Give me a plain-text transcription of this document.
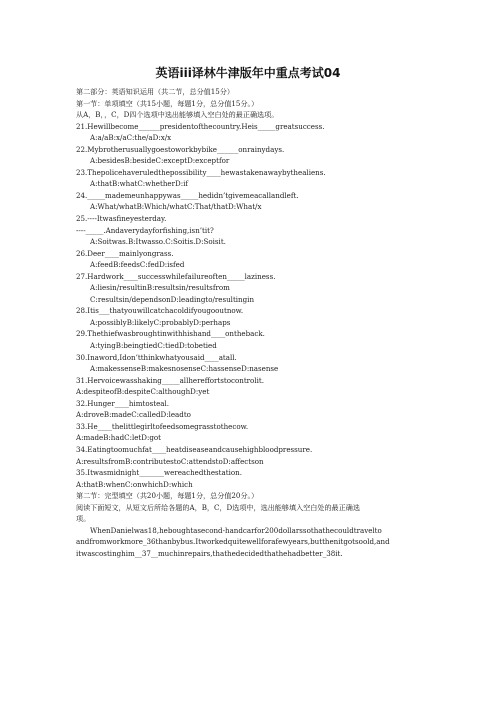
英语iii译林牛津版年中重点考试04
第二部分：英语知识运用（共二节，总分值15分）
第一节：单项填空（共15小题，每题1分，总分值15分。）
从A，B，，C，D四个选项中选出能够填入空白处的最正确选项。
21.Hewillbecome______presidentofthecountry.Heis_____greatsuccess.
A:a/aB:x/aC:the/aD:x/x
22.Mybrotherusuallygoestoworkbybike______onrainydays.
A:besidesB:besideC:exceptD:exceptfor
23.Thepolicehaveruledthepossibility____hewastakenawaybythealiens.
A:thatB:whatC:whetherD:if
24._____mademeunhappywas_____hedidn’tgivemeacallandleft.
A:What/whatB:Which/whatC:That/thatD:What/x
25.----Itwasfineyesterday.
----_____.Andaverydayforfishing,isn’tit?
A:Soitwas.B:Itwasso.C:Soitis.D:Soisit.
26.Deer____mainlyongrass.
A:feedB:feedsC:fedD:isfed
27.Hardwork____successwhilefailureoften_____laziness.
A:liesin/resultinB:resultsin/resultsfrom
C:resultsin/dependsonD:leadingto/resultingin
28.Itis___thatyouwillcatchacoldifyougooutnow.
A:possiblyB:likelyC:probablyD:perhaps
29.Thethiefwasbroughtinwithhishand____ontheback.
A:tyingB:beingtiedC:tiedD:tobetied
30.Inaword,Idon’tthinkwhatyousaid____atall.
A:makessenseB:makesnosenseC:hassenseD:nasense
31.Hervoicewasshaking_____allhereffortstocontrolit.
A:despiteofB:despiteC:althoughD:yet
32.Hunger____himtosteal.
A:droveB:madeC:calledD:leadto
33.He____thelittlegirltofeedsomegrasstothecow.
A:madeB:hadC:letD:got
34.Eatingtoomuchfat____heatdiseaseandcausehighbloodpressure.
A:resultsfromB:contributestoC:attendstoD:affectson
35.Itwasmidnight_______wereachedthestation.
A:thatB:whenC:onwhichD:which
第二节：完型填空（共20小题，每题1分，总分值20分。）
阅读下面短文，从短文后所给各题的A，B，C，D选项中，选出能够填入空白处的最正确选
项。
WhenDanielwas18,heboughtasecond-handcarfor200dollarssothathecouldtravelto
andfromworkmore_36thanbybus.Itworkedquitewellforafewyears,butthenitgotsoold,and
itwascostinghim__37__muchinrepairs,thathedecidedthathehadbetter_38it.
